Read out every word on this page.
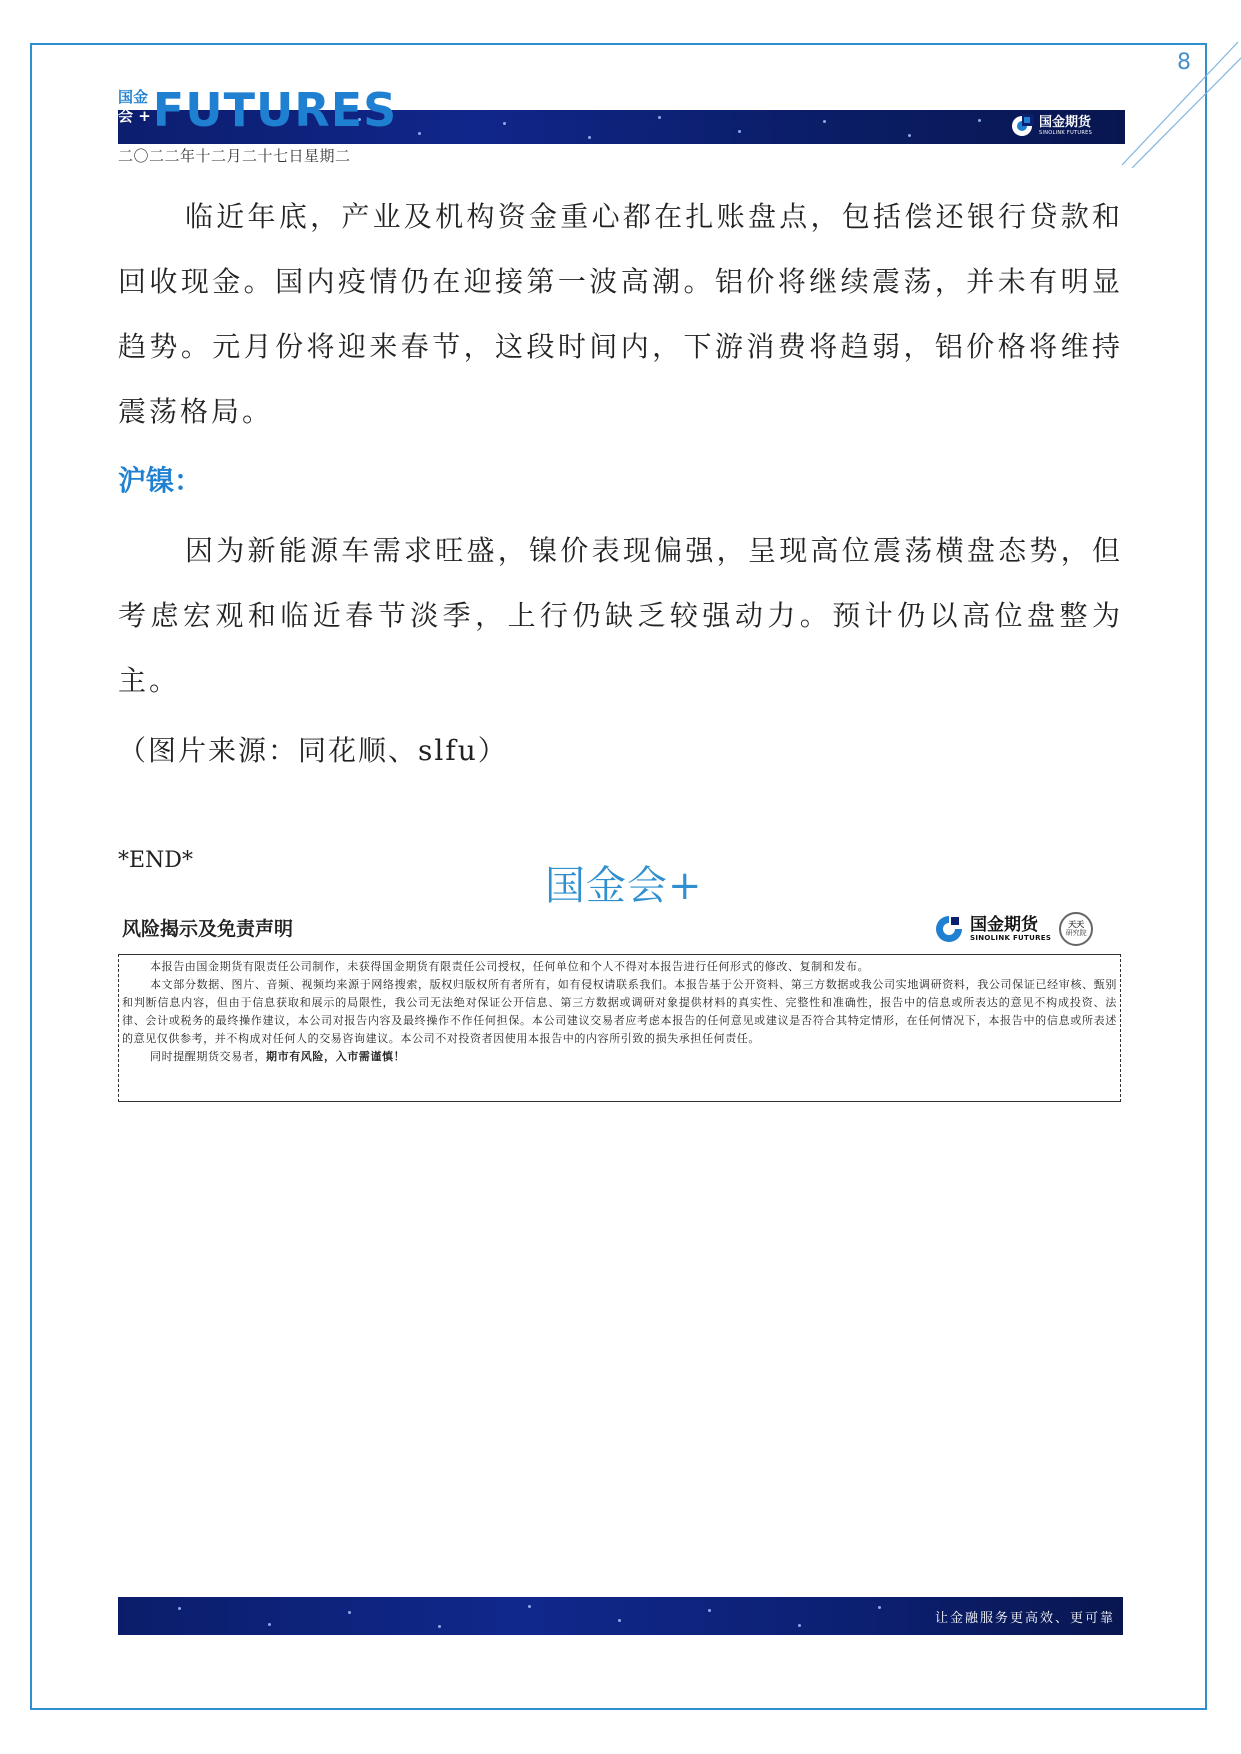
8
国金
会 + FUTURES	国金期货
SINOLINK FUTURES
二〇二二年十二月二十七日星期二

临近年底，产业及机构资金重心都在扎账盘点，包括偿还银行贷款和回收现金。国内疫情仍在迎接第一波高潮。铝价将继续震荡，并未有明显趋势。元月份将迎来春节，这段时间内，下游消费将趋弱，铝价格将维持震荡格局。

沪镍：

因为新能源车需求旺盛，镍价表现偏强，呈现高位震荡横盘态势，但考虑宏观和临近春节淡季，上行仍缺乏较强动力。预计仍以高位盘整为主。

（图片来源：同花顺、slfu）

*END*
国金会+
风险揭示及免责声明	国金期货
SINOLINK FUTURES
天天
研究院

本报告由国金期货有限责任公司制作，未获得国金期货有限责任公司授权，任何单位和个人不得对本报告进行任何形式的修改、复制和发布。

本文部分数据、图片、音频、视频均来源于网络搜索，版权归版权所有者所有，如有侵权请联系我们。本报告基于公开资料、第三方数据或我公司实地调研资料，我公司保证已经审核、甄别和判断信息内容，但由于信息获取和展示的局限性，我公司无法绝对保证公开信息、第三方数据或调研对象提供材料的真实性、完整性和准确性，报告中的信息或所表达的意见不构成投资、法律、会计或税务的最终操作建议，本公司对报告内容及最终操作不作任何担保。本公司建议交易者应考虑本报告的任何意见或建议是否符合其特定情形，在任何情况下，本报告中的信息或所表述的意见仅供参考，并不构成对任何人的交易咨询建议。本公司不对投资者因使用本报告中的内容所引致的损失承担任何责任。

同时提醒期货交易者，期市有风险，入市需谨慎！

让金融服务更高效、更可靠
